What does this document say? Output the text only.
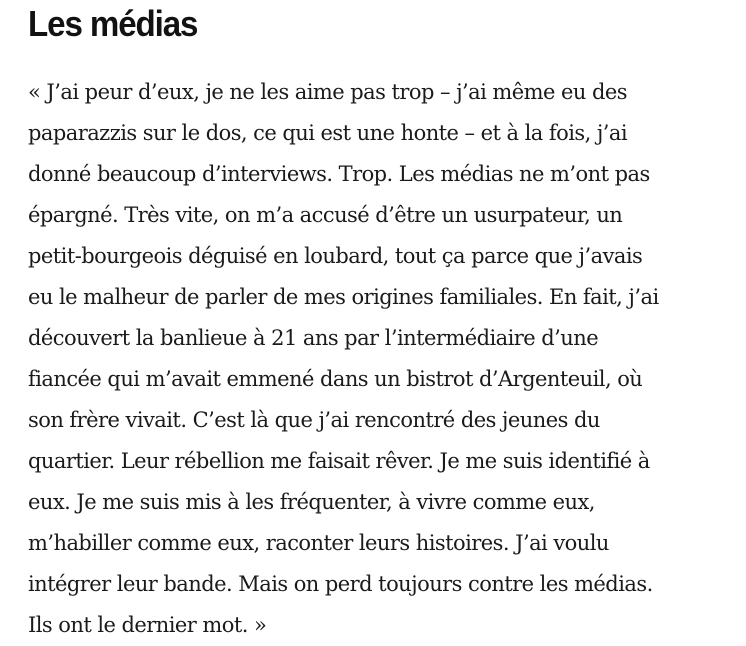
Les médias

« J’ai peur d’eux, je ne les aime pas trop – j’ai même eu des
paparazzis sur le dos, ce qui est une honte – et à la fois, j’ai
donné beaucoup d’interviews. Trop. Les médias ne m’ont pas
épargné. Très vite, on m’a accusé d’être un usurpateur, un
petit-bourgeois déguisé en loubard, tout ça parce que j’avais
eu le malheur de parler de mes origines familiales. En fait, j’ai
découvert la banlieue à 21 ans par l’intermédiaire d’une
fiancée qui m’avait emmené dans un bistrot d’Argenteuil, où
son frère vivait. C’est là que j’ai rencontré des jeunes du
quartier. Leur rébellion me faisait rêver. Je me suis identifié à
eux. Je me suis mis à les fréquenter, à vivre comme eux,
m’habiller comme eux, raconter leurs histoires. J’ai voulu
intégrer leur bande. Mais on perd toujours contre les médias.
Ils ont le dernier mot. »
